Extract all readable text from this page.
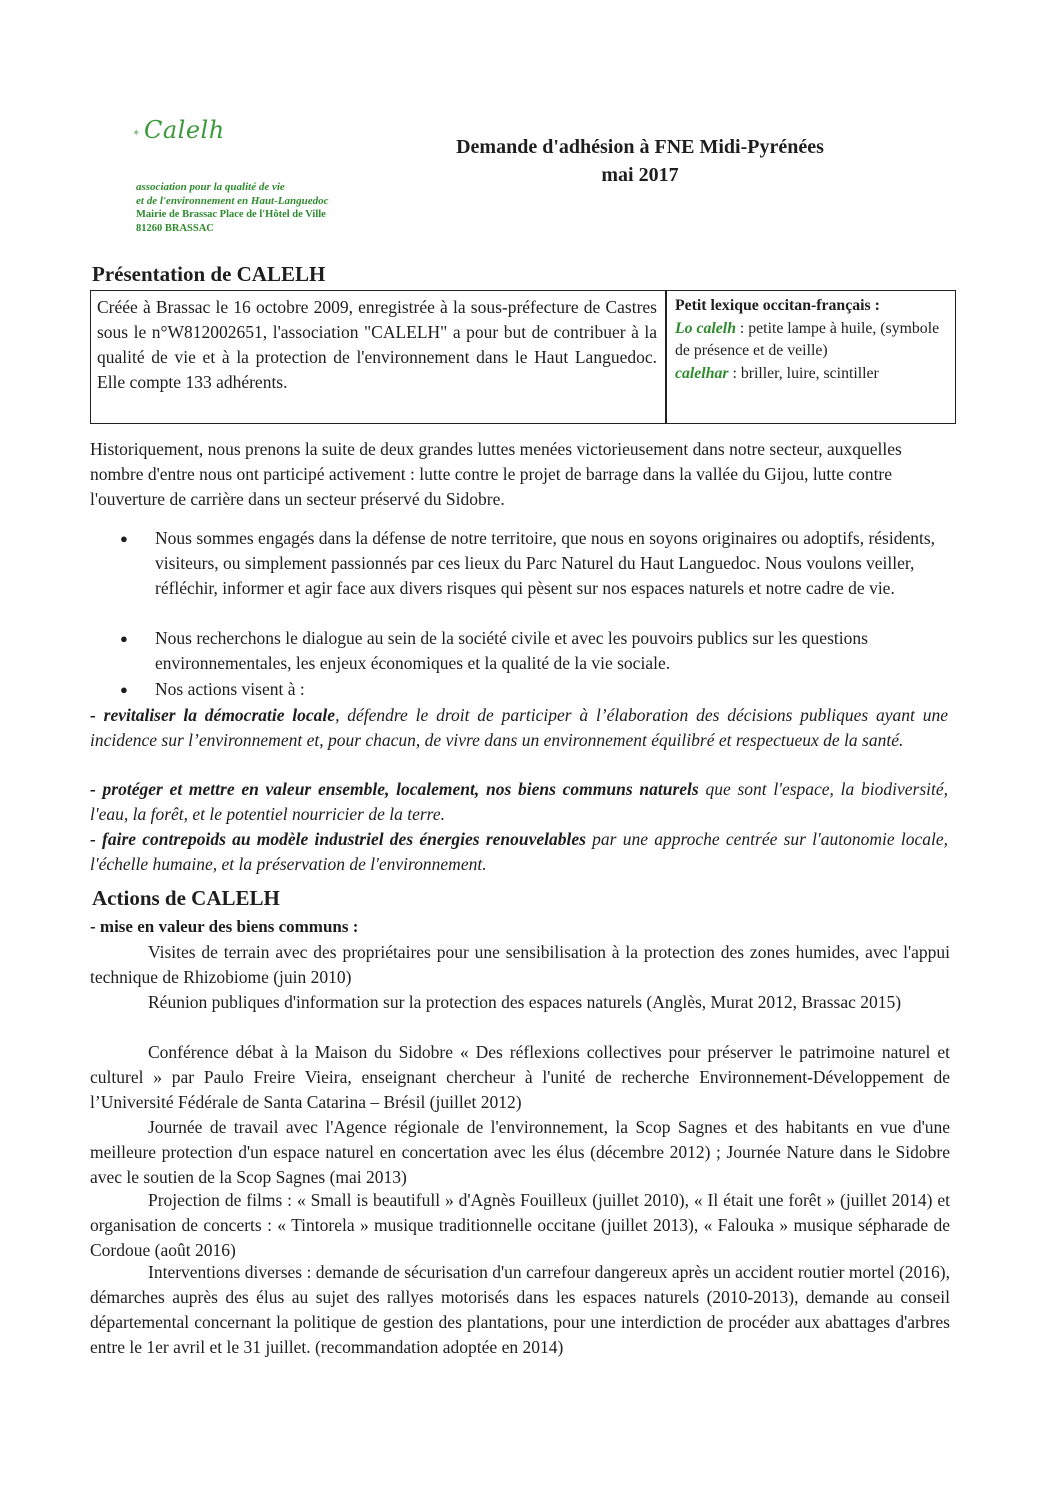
✦ Calelh
association pour la qualité de vie
et de l'environnement en Haut-Languedoc
Mairie de Brassac Place de l'Hôtel de Ville
81260 BRASSAC
Demande d'adhésion à FNE Midi-Pyrénées
mai 2017
Présentation de CALELH
Créée à Brassac le 16 octobre 2009, enregistrée à la sous-préfecture de Castres sous le n°W812002651, l'association "CALELH" a pour but de contribuer à la qualité de vie et à la protection de l'environnement dans le Haut Languedoc. Elle compte 133 adhérents.
Petit lexique occitan-français :
Lo calelh : petite lampe à huile, (symbole de présence et de veille)
calelhar : briller, luire, scintiller
Historiquement, nous prenons la suite de deux grandes luttes menées victorieusement dans notre secteur, auxquelles nombre d'entre nous ont participé activement : lutte contre le projet de barrage dans la vallée du Gijou, lutte contre l'ouverture de carrière dans un secteur préservé du Sidobre.
●	Nous sommes engagés dans la défense de notre territoire, que nous en soyons originaires ou adoptifs, résidents, visiteurs, ou simplement passionnés par ces lieux du Parc Naturel du Haut Languedoc. Nous voulons veiller, réfléchir, informer et agir face aux divers risques qui pèsent sur nos espaces naturels et notre cadre de vie.
●	Nous recherchons le dialogue au sein de la société civile et avec les pouvoirs publics sur les questions environnementales, les enjeux économiques et la qualité de la vie sociale.
●	Nos actions visent à :
- revitaliser la démocratie locale, défendre le droit de participer à l’élaboration des décisions publiques ayant une incidence sur l’environnement et, pour chacun, de vivre dans un environnement équilibré et respectueux de la santé.
- protéger et mettre en valeur ensemble, localement, nos biens communs naturels que sont l'espace, la biodiversité, l'eau, la forêt, et le potentiel nourricier de la terre.
- faire contrepoids au modèle industriel des énergies renouvelables par une approche centrée sur l'autonomie locale, l'échelle humaine, et la préservation de l'environnement.
Actions de CALELH
- mise en valeur des biens communs :
Visites de terrain avec des propriétaires pour une sensibilisation à la protection des zones humides, avec l'appui technique de Rhizobiome (juin 2010)
Réunion publiques d'information sur la protection des espaces naturels (Anglès, Murat 2012, Brassac 2015)
Conférence débat à la Maison du Sidobre « Des réflexions collectives pour préserver le patrimoine naturel et culturel » par Paulo Freire Vieira, enseignant chercheur à l'unité de recherche Environnement-Développement de l’Université Fédérale de Santa Catarina – Brésil (juillet 2012)
Journée de travail avec l'Agence régionale de l'environnement, la Scop Sagnes et des habitants en vue d'une meilleure protection d'un espace naturel en concertation avec les élus (décembre 2012) ; Journée Nature dans le Sidobre avec le soutien de la Scop Sagnes (mai 2013)
Projection de films : « Small is beautifull » d'Agnès Fouilleux (juillet 2010), « Il était une forêt » (juillet 2014) et organisation de concerts : « Tintorela » musique traditionnelle occitane (juillet 2013), « Falouka » musique sépharade de Cordoue (août 2016)
Interventions diverses : demande de sécurisation d'un carrefour dangereux après un accident routier mortel (2016), démarches auprès des élus au sujet des rallyes motorisés dans les espaces naturels (2010-2013), demande au conseil départemental concernant la politique de gestion des plantations, pour une interdiction de procéder aux abattages d'arbres entre le 1er avril et le 31 juillet. (recommandation adoptée en 2014)
